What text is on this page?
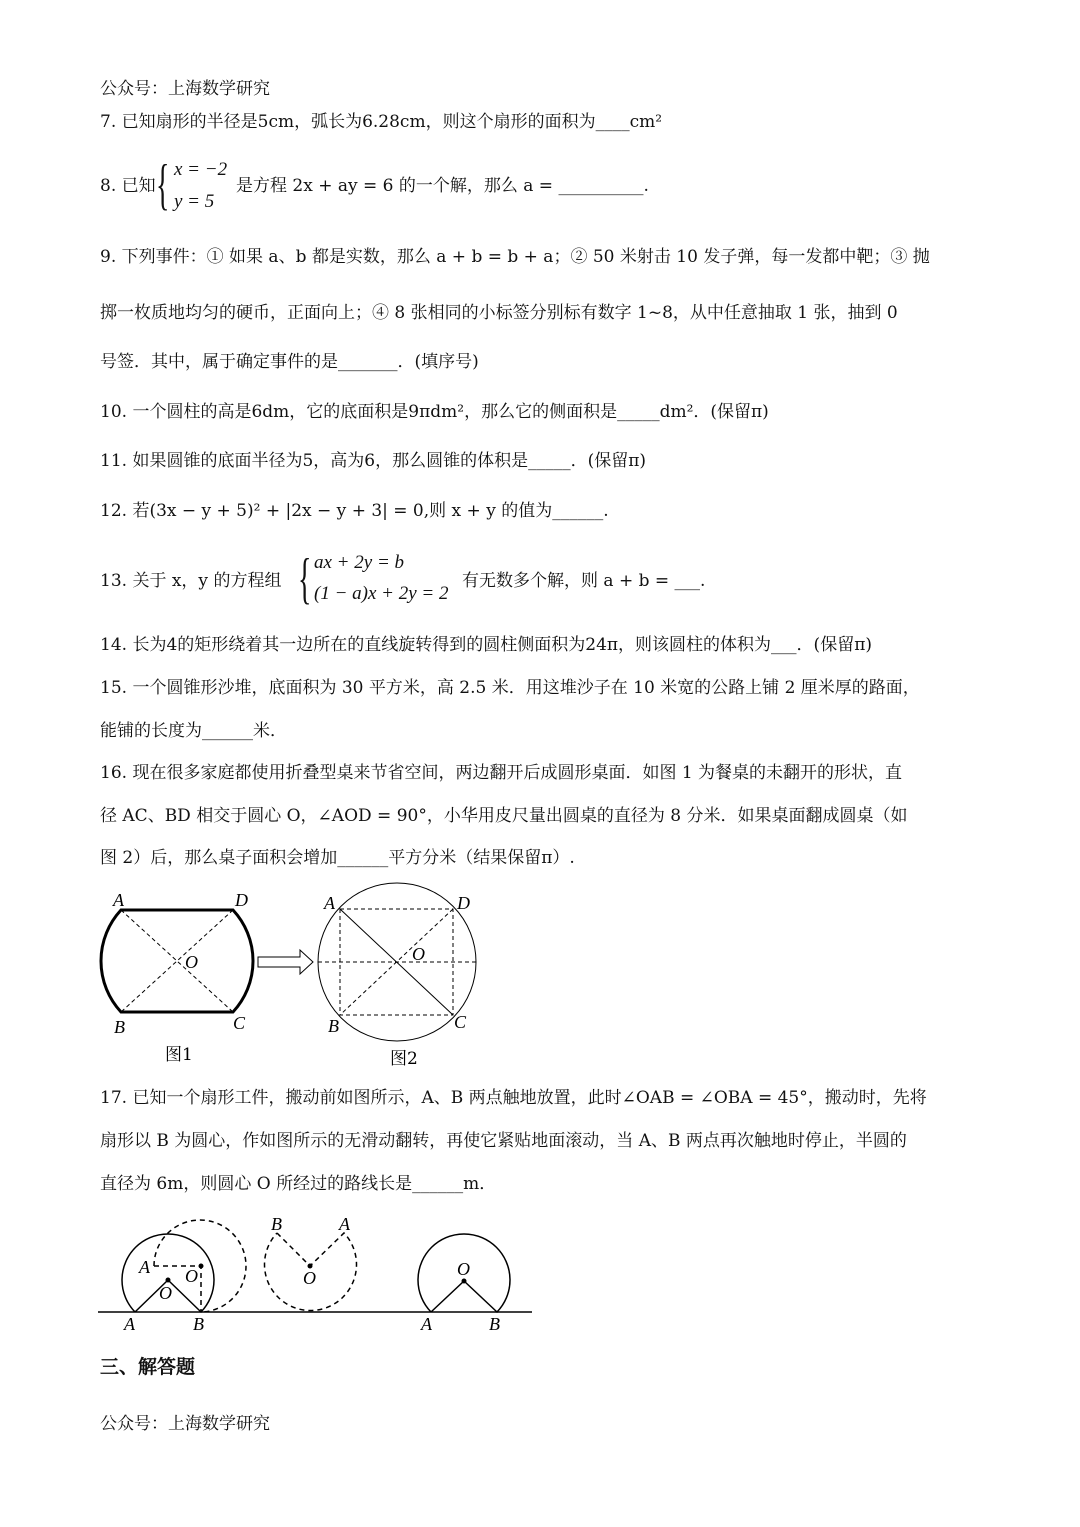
公众号：上海数学研究
7. 已知扇形的半径是5cm，弧长为6.28cm，则这个扇形的面积为____cm²
8. 已知 { x = −2
y = 5
是方程 2x + ay = 6 的一个解，那么 a = __________.
9. 下列事件：① 如果 a、b 都是实数，那么 a + b = b + a；② 50 米射击 10 发子弹，每一发都中靶；③ 抛
掷一枚质地均匀的硬币，正面向上；④ 8 张相同的小标签分别标有数字 1~8，从中任意抽取 1 张，抽到 0
号签．其中，属于确定事件的是_______．(填序号)
10. 一个圆柱的高是6dm，它的底面积是9πdm²，那么它的侧面积是_____dm²．(保留π)
11. 如果圆锥的底面半径为5，高为6，那么圆锥的体积是_____．(保留π)
12. 若(3x − y + 5)² + |2x − y + 3| = 0,则 x + y 的值为______.
13. 关于 x，y 的方程组 { ax + 2y = b
(1 − a)x + 2y = 2
有无数多个解，则 a + b = ___.
14. 长为4的矩形绕着其一边所在的直线旋转得到的圆柱侧面积为24π，则该圆柱的体积为___．(保留π)
15. 一个圆锥形沙堆，底面积为 30 平方米，高 2.5 米．用这堆沙子在 10 米宽的公路上铺 2 厘米厚的路面，
能铺的长度为______米．
16. 现在很多家庭都使用折叠型桌来节省空间，两边翻开后成圆形桌面．如图 1 为餐桌的未翻开的形状，直
径 AC、BD 相交于圆心 O，∠AOD = 90°，小华用皮尺量出圆桌的直径为 8 分米．如果桌面翻成圆桌（如
图 2）后，那么桌子面积会增加______平方分米（结果保留π）.
A	D
B	C
O
A	D
B	C
O
图1	图2
A	B
O
A O
B	A
O	O
A	B
17. 已知一个扇形工件，搬动前如图所示，A、B 两点触地放置，此时∠OAB = ∠OBA = 45°，搬动时，先将
扇形以 B 为圆心，作如图所示的无滑动翻转，再使它紧贴地面滚动，当 A、B 两点再次触地时停止，半圆的
直径为 6m，则圆心 O 所经过的路线长是______m．
三、解答题
公众号：上海数学研究
